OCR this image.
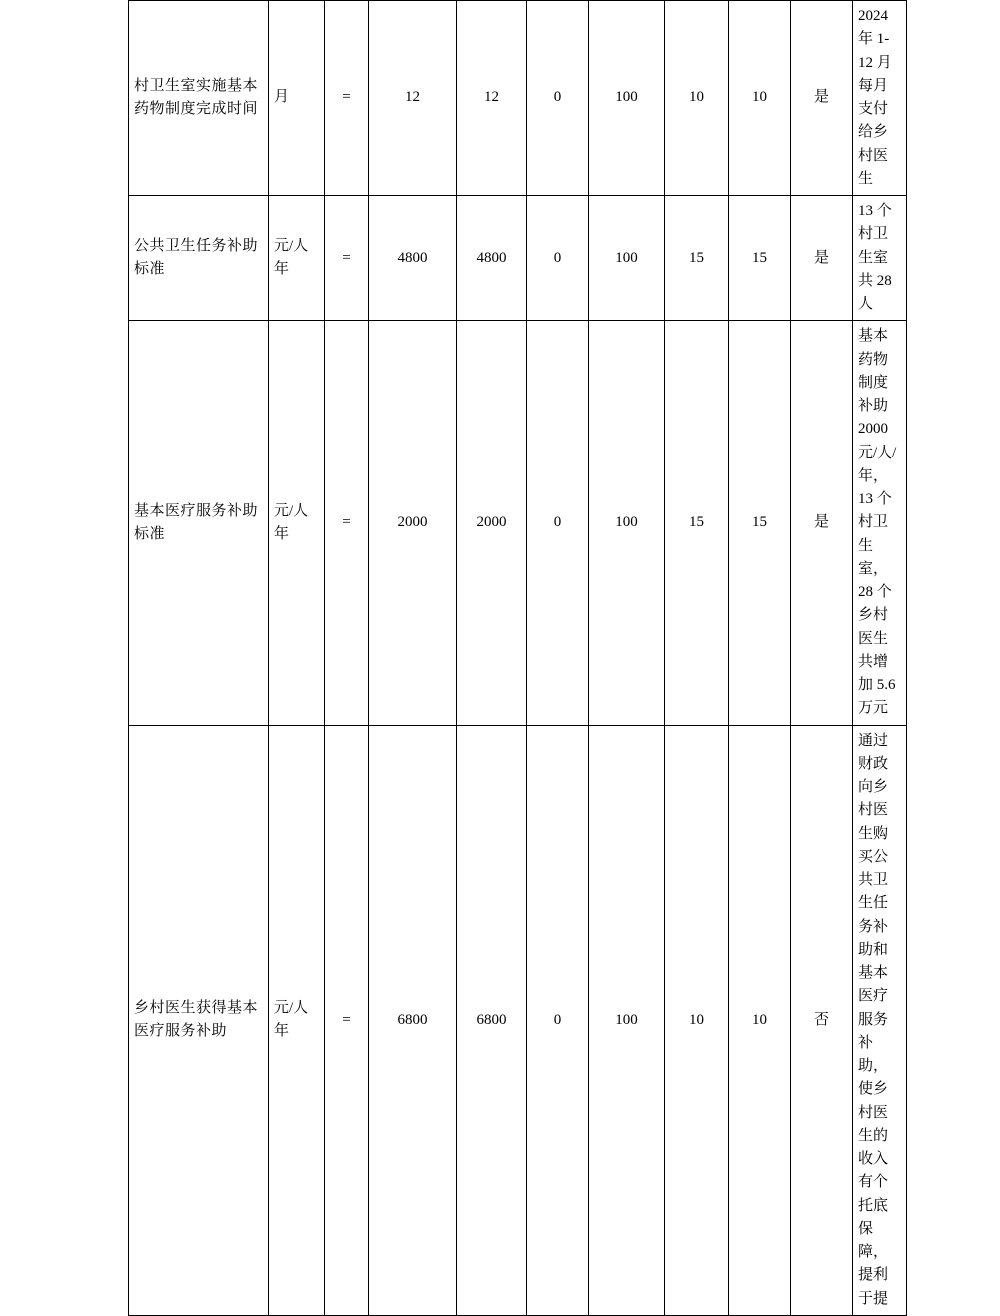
村卫生室实施基本药物制度完成时间	月	=	12	12	0	100	10	10	是	2024年 1-12 月每月支付给乡村医生
公共卫生任务补助标准	元/人年	=	4800	4800	0	100	15	15	是	13 个村卫生室共 28 人
基本医疗服务补助标准	元/人年	=	2000	2000	0	100	15	15	是	基本药物制度补助 2000 元/人/年，13 个村卫生室，28 个乡村医生共增加 5.6 万元
乡村医生获得基本医疗服务补助	元/人年	=	6800	6800	0	100	10	10	否	通过财政向乡村医生购买公共卫生任务补助和基本医疗服务补助，使乡村医生的收入有个托底保障，提利于提
